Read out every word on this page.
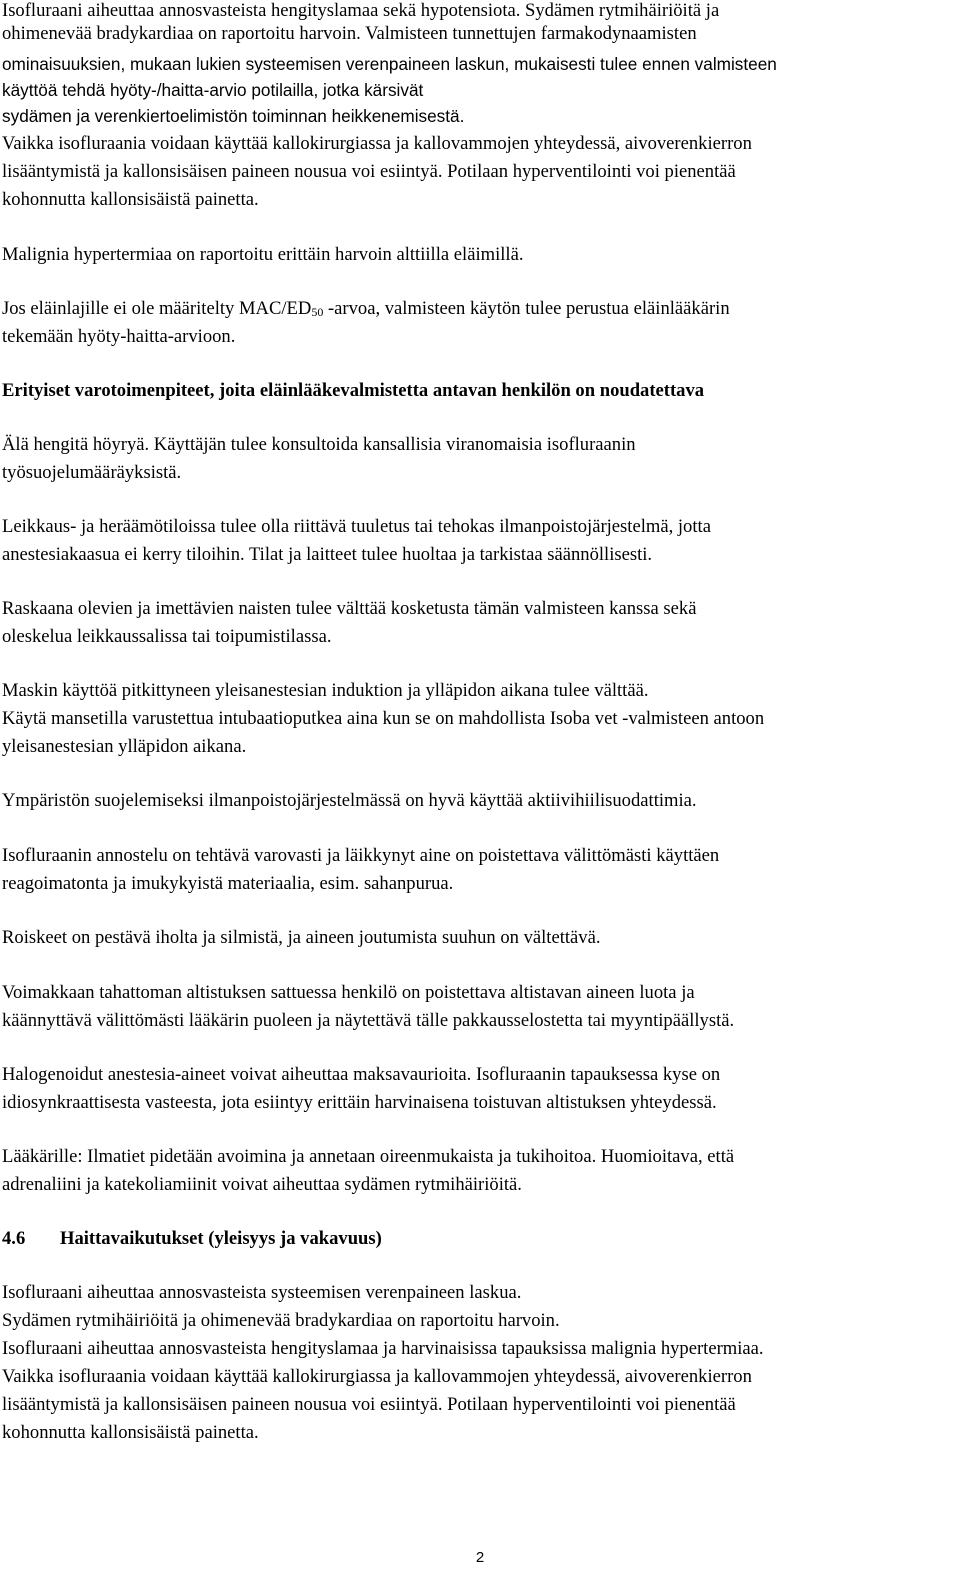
2

Isofluraani aiheuttaa annosvasteista hengityslamaa sekä hypotensiota. Sydämen rytmihäiriöitä ja

ohimenevää bradykardiaa on raportoitu harvoin. Valmisteen tunnettujen farmakodynaamisten

ominaisuuksien, mukaan lukien systeemisen verenpaineen laskun, mukaisesti tulee ennen valmisteen

käyttöä tehdä hyöty-/haitta-arvio potilailla, jotka kärsivät

sydämen ja verenkiertoelimistön toiminnan heikkenemisestä.

Vaikka isofluraania voidaan käyttää kallokirurgiassa ja kallovammojen yhteydessä, aivoverenkierron

lisääntymistä ja kallonsisäisen paineen nousua voi esiintyä. Potilaan hyperventilointi voi pienentää

kohonnutta kallonsisäistä painetta.

Malignia hypertermiaa on raportoitu erittäin harvoin alttiilla eläimillä.

Jos eläinlajille ei ole määritelty MAC/$ED_{50}$ -arvoa, valmisteen käytön tulee perustua eläinlääkärin

tekemään hyöty-haitta-arvioon.

Erityiset varotoimenpiteet, joita eläinlääkevalmistetta antavan henkilön on noudatettava

Älä hengitä höyryä. Käyttäjän tulee konsultoida kansallisia viranomaisia isofluraanin

työsuojelumääräyksistä.

Leikkaus- ja heräämötiloissa tulee olla riittävä tuuletus tai tehokas ilmanpoistojärjestelmä, jotta

anestesiakaasua ei kerry tiloihin. Tilat ja laitteet tulee huoltaa ja tarkistaa säännöllisesti.

Raskaana olevien ja imettävien naisten tulee välttää kosketusta tämän valmisteen kanssa sekä

oleskelua leikkaussalissa tai toipumistilassa.

Maskin käyttöä pitkittyneen yleisanestesian induktion ja ylläpidon aikana tulee välttää.

Käytä mansetilla varustettua intubaatioputkea aina kun se on mahdollista Isoba vet -valmisteen antoon

yleisanestesian ylläpidon aikana.

Ympäristön suojelemiseksi ilmanpoistojärjestelmässä on hyvä käyttää aktiivihiilisuodattimia.

Isofluraanin annostelu on tehtävä varovasti ja läikkynyt aine on poistettava välittömästi käyttäen

reagoimatonta ja imukykyistä materiaalia, esim. sahanpurua.

Roiskeet on pestävä iholta ja silmistä, ja aineen joutumista suuhun on vältettävä.

Voimakkaan tahattoman altistuksen sattuessa henkilö on poistettava altistavan aineen luota ja

käännyttävä välittömästi lääkärin puoleen ja näytettävä tälle pakkausselostetta tai myyntipäällystä.

Halogenoidut anestesia-aineet voivat aiheuttaa maksavaurioita. Isofluraanin tapauksessa kyse on

idiosynkraattisesta vasteesta, jota esiintyy erittäin harvinaisena toistuvan altistuksen yhteydessä.

Lääkärille: Ilmatiet pidetään avoimina ja annetaan oireenmukaista ja tukihoitoa. Huomioitava, että

adrenaliini ja katekoliamiinit voivat aiheuttaa sydämen rytmihäiriöitä.

4.6 Haittavaikutukset (yleisyys ja vakavuus)

Isofluraani aiheuttaa annosvasteista systeemisen verenpaineen laskua.

Sydämen rytmihäiriöitä ja ohimenevää bradykardiaa on raportoitu harvoin.

Isofluraani aiheuttaa annosvasteista hengityslamaa ja harvinaisissa tapauksissa malignia hypertermiaa.

Vaikka isofluraania voidaan käyttää kallokirurgiassa ja kallovammojen yhteydessä, aivoverenkierron

lisääntymistä ja kallonsisäisen paineen nousua voi esiintyä. Potilaan hyperventilointi voi pienentää

kohonnutta kallonsisäistä painetta.
